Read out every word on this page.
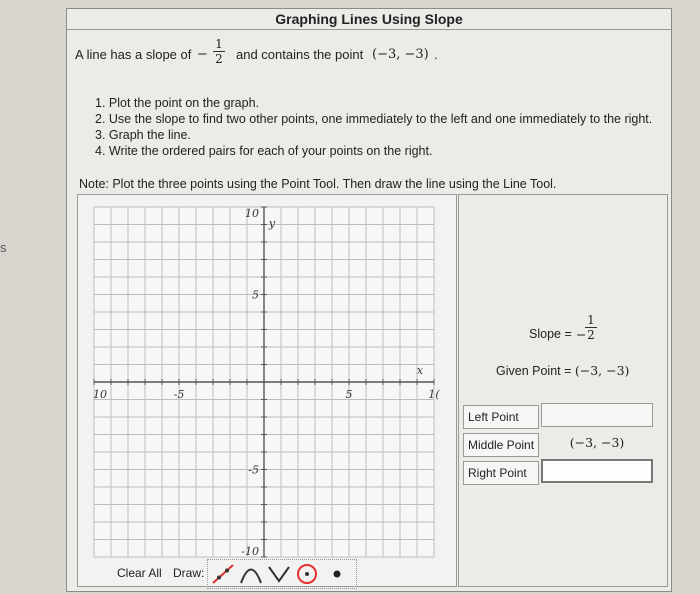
s
Graphing Lines Using Slope
A line has a slope of −
1
2 and contains the point (−3, −3) .
1. Plot the point on the graph.
2. Use the slope to find two other points, one immediately to the left and one immediately to the right.
3. Graph the line.
4. Write the ordered pairs for each of your points on the right.
Note: Plot the three points using the Point Tool. Then draw the line using the Line Tool.
10	-5	5	1(
10
5
-5
-10
x
y
Slope = −
1
2
Given Point = (−3, −3)
Left Point
Middle Point	(−3, −3)
Right Point
Clear All Draw:
